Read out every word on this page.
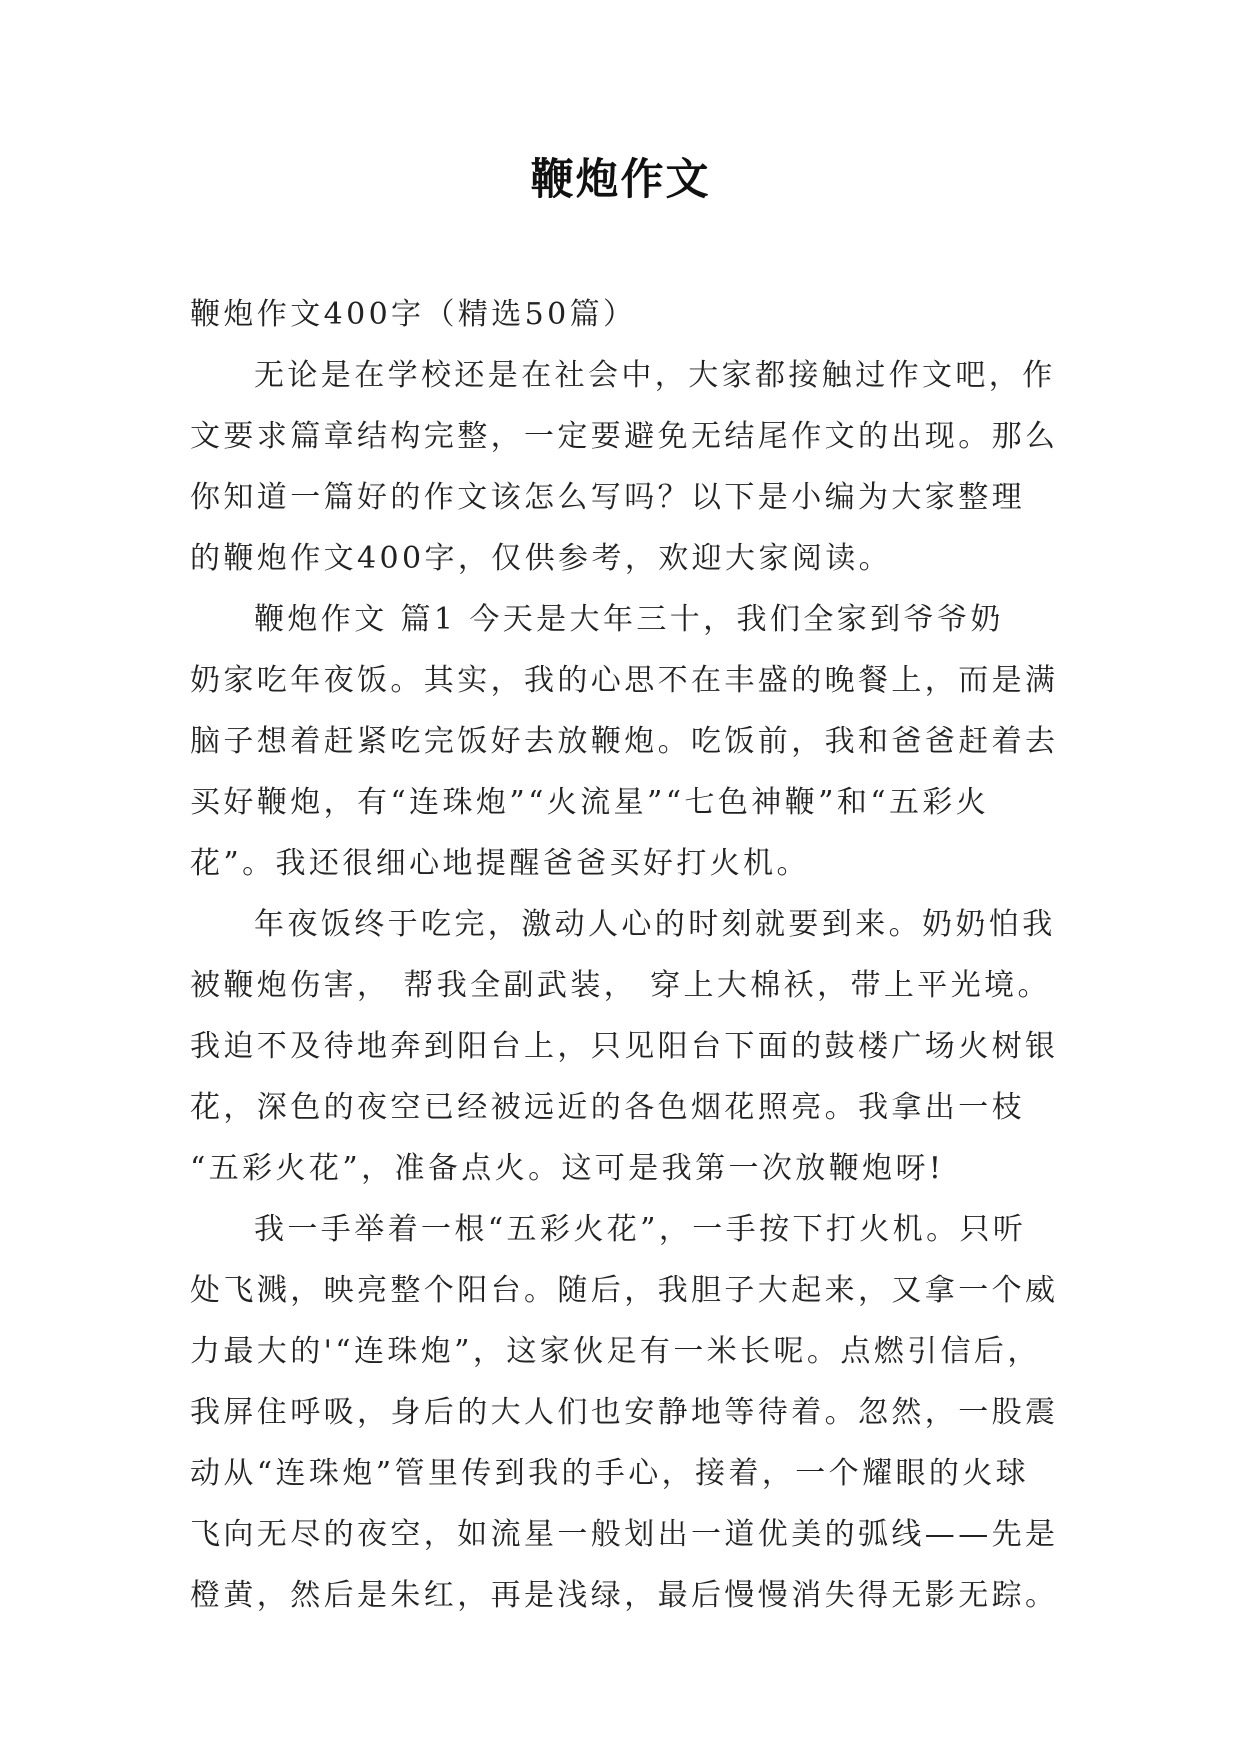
鞭炮作文
鞭炮作文400字（精选50篇）
无论是在学校还是在社会中，大家都接触过作文吧，作
文要求篇章结构完整，一定要避免无结尾作文的出现。那么
你知道一篇好的作文该怎么写吗？以下是小编为大家整理
的鞭炮作文400字，仅供参考，欢迎大家阅读。
鞭炮作文 篇1 今天是大年三十，我们全家到爷爷奶
奶家吃年夜饭。其实，我的心思不在丰盛的晚餐上，而是满
脑子想着赶紧吃完饭好去放鞭炮。吃饭前，我和爸爸赶着去
买好鞭炮，有“连珠炮”“火流星”“七色神鞭”和“五彩火
花”。我还很细心地提醒爸爸买好打火机。
年夜饭终于吃完，激动人心的时刻就要到来。奶奶怕我
被鞭炮伤害， 帮我全副武装， 穿上大棉袄，带上平光境。
我迫不及待地奔到阳台上，只见阳台下面的鼓楼广场火树银
花，深色的夜空已经被远近的各色烟花照亮。我拿出一枝
“五彩火花”，准备点火。这可是我第一次放鞭炮呀!
我一手举着一根“五彩火花”，一手按下打火机。只听
处飞溅，映亮整个阳台。随后，我胆子大起来，又拿一个威
力最大的'“连珠炮”，这家伙足有一米长呢。点燃引信后，
我屏住呼吸，身后的大人们也安静地等待着。忽然，一股震
动从“连珠炮”管里传到我的手心，接着，一个耀眼的火球
飞向无尽的夜空，如流星一般划出一道优美的弧线——先是
橙黄，然后是朱红，再是浅绿，最后慢慢消失得无影无踪。
